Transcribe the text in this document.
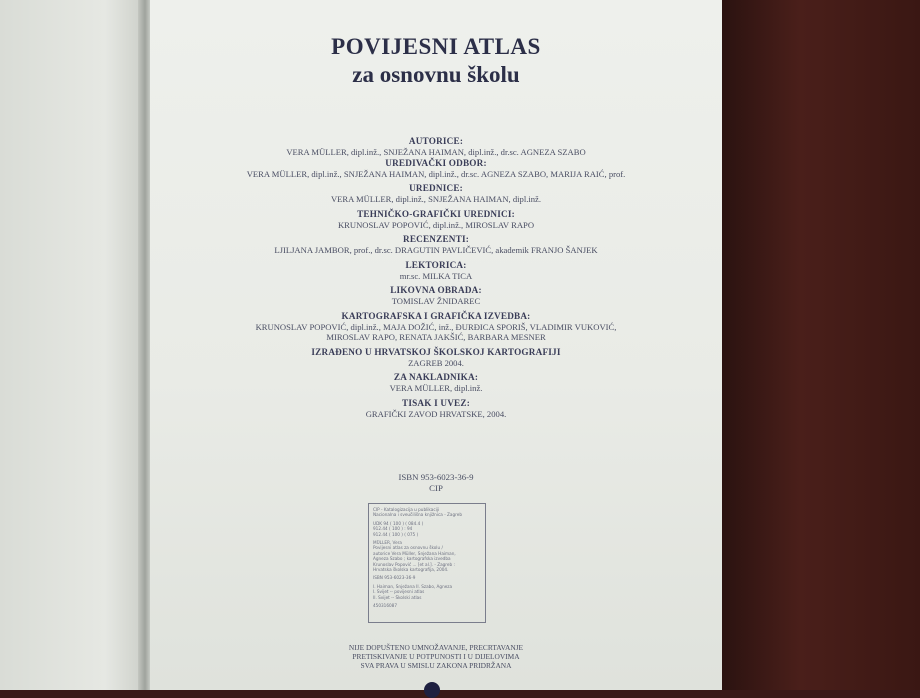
POVIJESNI ATLAS
za osnovnu školu
AUTORICE:
VERA MÜLLER, dipl.inž., SNJEŽANA HAIMAN, dipl.inž., dr.sc. AGNEZA SZABO
UREDIVAČKI ODBOR:
VERA MÜLLER, dipl.inž., SNJEŽANA HAIMAN, dipl.inž., dr.sc. AGNEZA SZABO, MARIJA RAIĆ, prof.
UREDNICE:
VERA MÜLLER, dipl.inž., SNJEŽANA HAIMAN, dipl.inž.
TEHNIČKO-GRAFIČKI UREDNICI:
KRUNOSLAV POPOVIĆ, dipl.inž., MIROSLAV RAPO
RECENZENTI:
LJILJANA JAMBOR, prof., dr.sc. DRAGUTIN PAVLIČEVIĆ, akademik FRANJO ŠANJEK
LEKTORICA:
mr.sc. MILKA TICA
LIKOVNA OBRADA:
TOMISLAV ŽNIDAREC
KARTOGRAFSKA I GRAFIČKA IZVEDBA:
KRUNOSLAV POPOVIĆ, dipl.inž., MAJA DOŽIĆ, inž., ĐURĐICA SPORIŠ, VLADIMIR VUKOVIĆ,
MIROSLAV RAPO, RENATA JAKŠIĆ, BARBARA MESNER
IZRAĐENO U HRVATSKOJ ŠKOLSKOJ KARTOGRAFIJI
ZAGREB 2004.
ZA NAKLADNIKA:
VERA MÜLLER, dipl.inž.
TISAK I UVEZ:
GRAFIČKI ZAVOD HRVATSKE, 2004.
ISBN 953-6023-36-9
CIP
CIP - Katalogizacija u publikaciji
Nacionalna i sveučilišna knjižnica - Zagreb
UDK 94 ( 100 ) ( 084.4 )
912.44 ( 100 ) : 94
912.44 ( 100 ) ( 075 )
MÜLLER, Vera
Povijesni atlas za osnovnu školu /
autorice Vera Müller, Snježana Haiman,
Agneza Szabo ; kartografska izvedba
Krunoslav Popović ... [et al.]. - Zagreb :
Hrvatska školska kartografija, 2004.
ISBN 953-6023-36-9
I. Haiman, Snježana II. Szabo, Agneza
I. Svijet -- povijesni atlas
II. Svijet -- Školski atlas
450316087
NIJE DOPUŠTENO UMNOŽAVANJE, PRECRTAVANJE
PRETISKIVANJE U POTPUNOSTI I U DIJELOVIMA
SVA PRAVA U SMISLU ZAKONA PRIDRŽANA
